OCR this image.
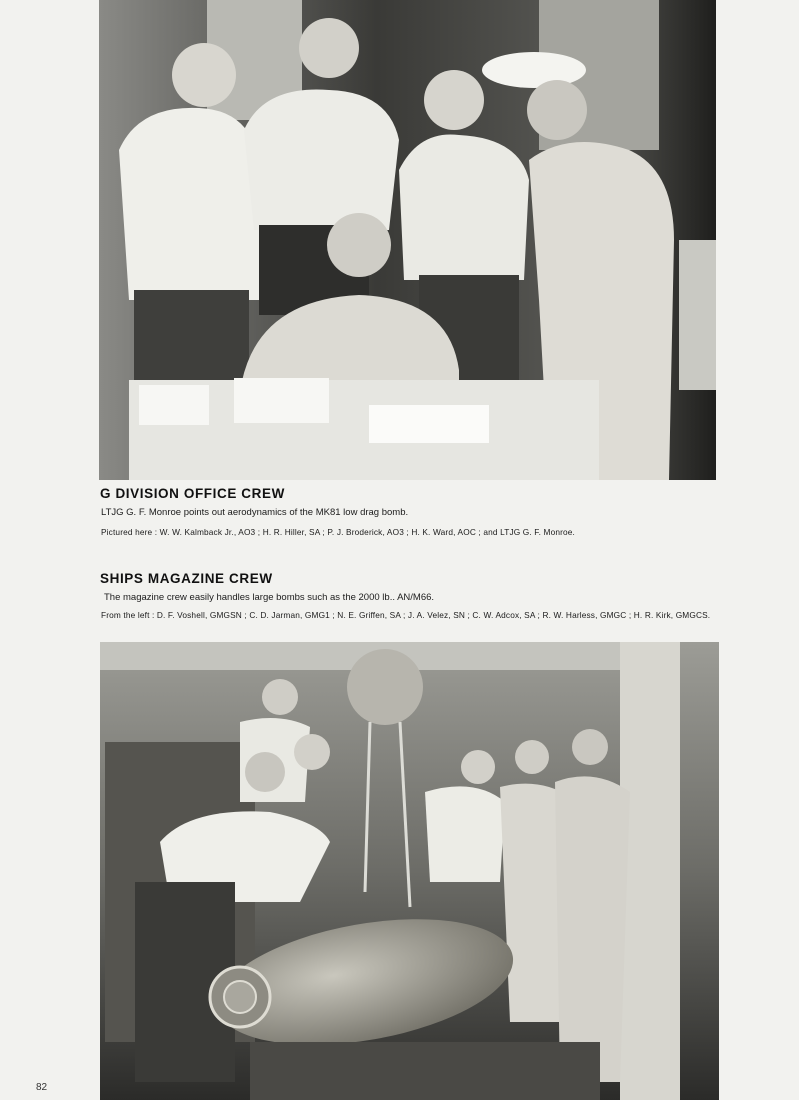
G DIVISION OFFICE CREW

LTJG G. F. Monroe points out aerodynamics of the MK81 low drag bomb.

Pictured here : W. W. Kalmback Jr., AO3 ; H. R. Hiller, SA ; P. J. Broderick, AO3 ; H. K. Ward, AOC ; and LTJG G. F. Monroe.

SHIPS MAGAZINE CREW

The magazine crew easily handles large bombs such as the 2000 lb.. AN/M66.

From the left : D. F. Voshell, GMGSN ; C. D. Jarman, GMG1 ; N. E. Griffen, SA ; J. A. Velez, SN ; C. W. Adcox, SA ; R. W. Harless, GMGC ; H. R. Kirk, GMGCS.

82
